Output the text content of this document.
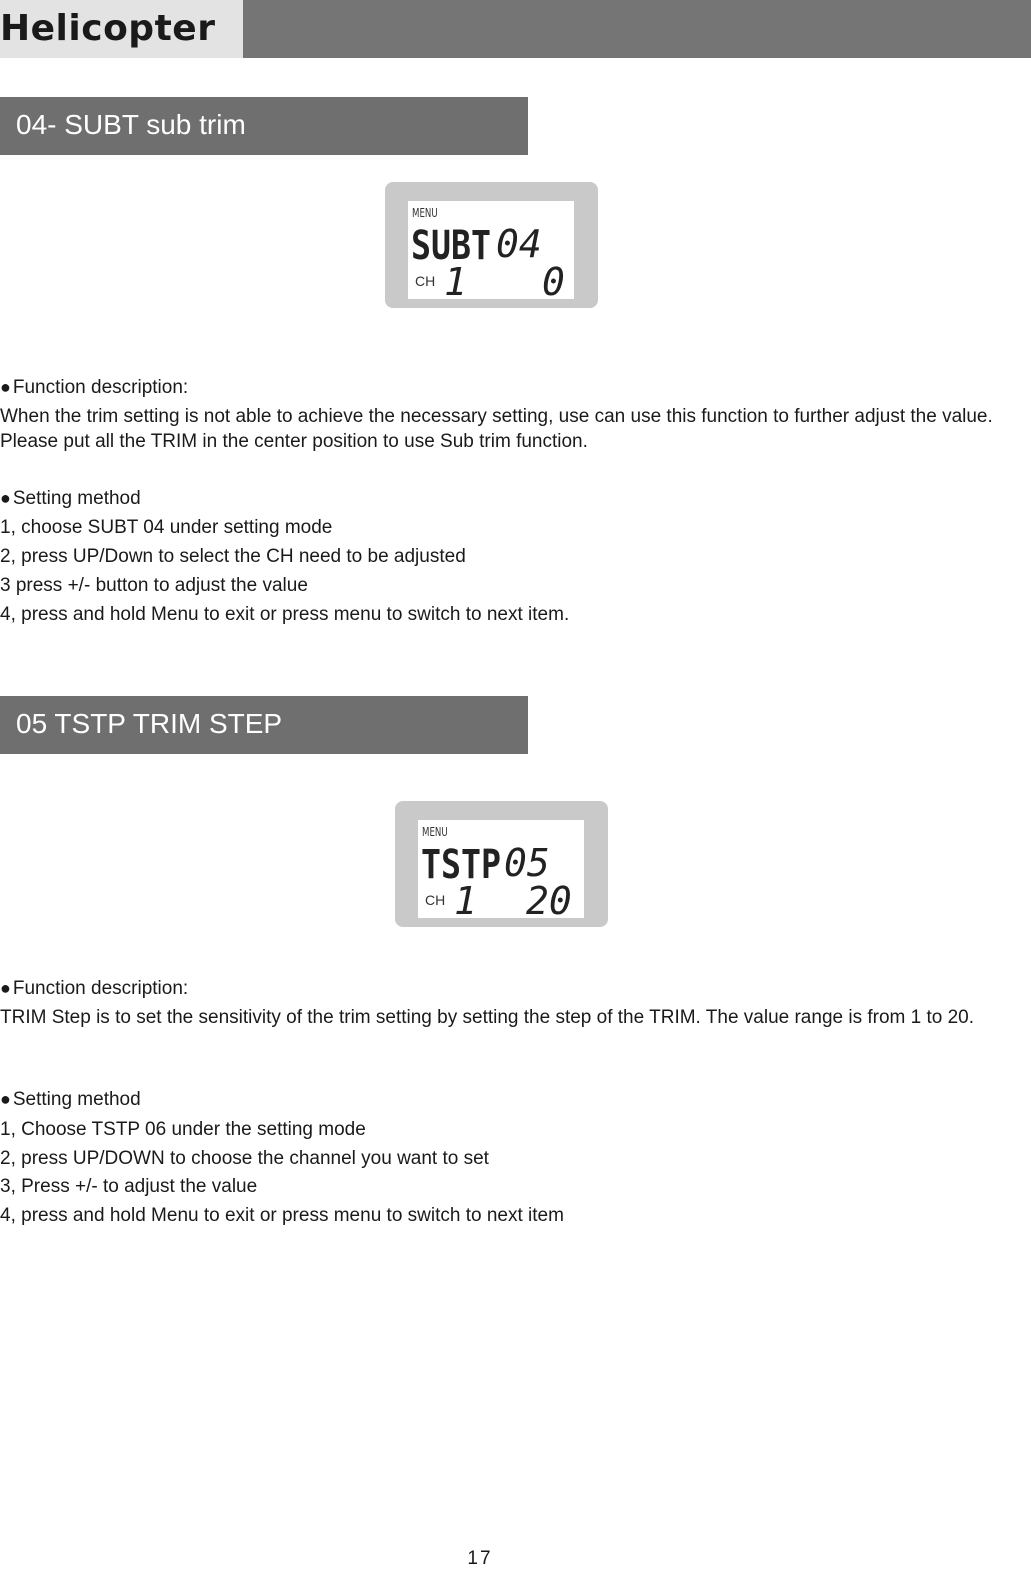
Helicopter
04- SUBT sub trim
MENU
SUBT 04
CH 1 0
● Function description:
When the trim setting is not able to achieve the necessary setting, use can use this function to further adjust the value. Please put all the TRIM in the center position to use Sub trim function.
● Setting method
1, choose SUBT 04 under setting mode
2, press UP/Down to select the CH need to be adjusted
3 press +/- button to adjust the value
4, press and hold Menu to exit or press menu to switch to next item.
05 TSTP TRIM STEP
MENU
TSTP 05
CH 1 20
● Function description:
TRIM Step is to set the sensitivity of the trim setting by setting the step of the TRIM. The value range is from 1 to 20.
● Setting method
1, Choose TSTP 06 under the setting mode
2, press UP/DOWN to choose the channel you want to set
3, Press +/- to adjust the value
4, press and hold Menu to exit or press menu to switch to next item
17
